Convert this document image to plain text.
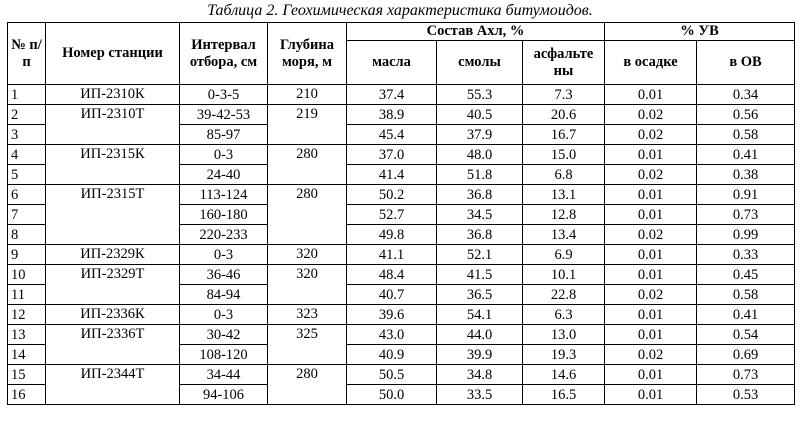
Таблица 2. Геохимическая характеристика битумоидов.
№ п/п	Номер станции	Интервал отбора, см	Глубина моря, м	Состав Ахл, %			% УВ	
				масла	смолы	асфальте ны	в осадке	в ОВ
1	ИП-2310К	0-3-5	210	37.4	55.3	7.3	0.01	0.34
2	ИП-2310Т	39-42-53	219	38.9	40.5	20.6	0.02	0.56
3		85-97		45.4	37.9	16.7	0.02	0.58
4	ИП-2315К	0-3	280	37.0	48.0	15.0	0.01	0.41
5		24-40		41.4	51.8	6.8	0.02	0.38
6	ИП-2315Т	113-124	280	50.2	36.8	13.1	0.01	0.91
7		160-180		52.7	34.5	12.8	0.01	0.73
8		220-233		49.8	36.8	13.4	0.02	0.99
9	ИП-2329К	0-3	320	41.1	52.1	6.9	0.01	0.33
10	ИП-2329Т	36-46	320	48.4	41.5	10.1	0.01	0.45
11		84-94		40.7	36.5	22.8	0.02	0.58
12	ИП-2336К	0-3	323	39.6	54.1	6.3	0.01	0.41
13	ИП-2336Т	30-42	325	43.0	44.0	13.0	0.01	0.54
14		108-120		40.9	39.9	19.3	0.02	0.69
15	ИП-2344Т	34-44	280	50.5	34.8	14.6	0.01	0.73
16		94-106		50.0	33.5	16.5	0.01	0.53
